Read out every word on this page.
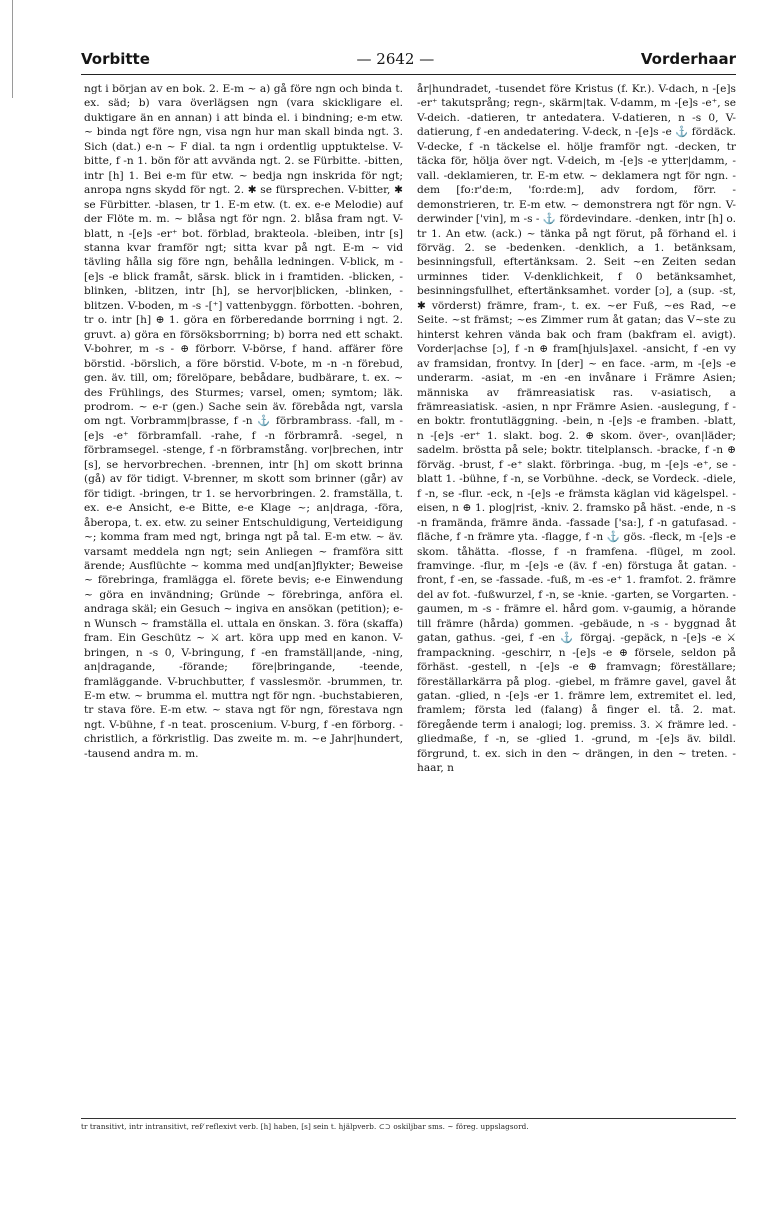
Vorbitte	— 2642 —	Vorderhaar

ngt i början av en bok. 2. E-m ~ a) gå före ngn och binda t. ex. säd; b) vara överlägsen ngn (vara skickligare el. duktigare än en annan) i att binda el. i bindning; e-m etw. ~ binda ngt före ngn, visa ngn hur man skall binda ngt. 3. Sich (dat.) e-n ~ F dial. ta ngn i ordentlig upptuktelse. V-bitte, f -n 1. bön för att avvända ngt. 2. se Fürbitte. -bitten, intr [h] 1. Bei e-m für etw. ~ bedja ngn inskrida för ngt; anropa ngns skydd för ngt. 2. ✱ se fürsprechen. V-bitter, ✱ se Fürbitter. -blasen, tr 1. E-m etw. (t. ex. e-e Melodie) auf der Flöte m. m. ~ blåsa ngt för ngn. 2. blåsa fram ngt. V-blatt, n -[e]s -er⁺ bot. förblad, brakteola. -bleiben, intr [s] stanna kvar framför ngt; sitta kvar på ngt. E-m ~ vid tävling hålla sig före ngn, behålla ledningen. V-blick, m -[e]s -e blick framåt, särsk. blick in i framtiden. -blicken, -blinken, -blitzen, intr [h], se hervor|blicken, -blinken, -blitzen. V-boden, m -s -[⁺] vattenbyggn. förbotten. -bohren, tr o. intr [h] ⊕ 1. göra en förberedande borrning i ngt. 2. gruvt. a) göra en försöksborrning; b) borra ned ett schakt. V-bohrer, m -s - ⊕ förborr. V-börse, f hand. affärer före börstid. -börslich, a före börstid. V-bote, m -n -n förebud, gen. äv. till, om; förelöpare, bebådare, budbärare, t. ex. ~ des Frühlings, des Sturmes; varsel, omen; symtom; läk. prodrom. ~ e-r (gen.) Sache sein äv. förebåda ngt, varsla om ngt. Vorbramm|brasse, f -n ⚓ förbrambrass. -fall, m -[e]s -e⁺ förbramfall. -rahe, f -n förbramrå. -segel, n förbramsegel. -stenge, f -n förbramstång. vor|brechen, intr [s], se hervorbrechen. -brennen, intr [h] om skott brinna (gå) av för tidigt. V-brenner, m skott som brinner (går) av för tidigt. -bringen, tr 1. se hervorbringen. 2. framställa, t. ex. e-e Ansicht, e-e Bitte, e-e Klage ~; an|draga, -föra, åberopa, t. ex. etw. zu seiner Entschuldigung, Verteidigung ~; komma fram med ngt, bringa ngt på tal. E-m etw. ~ äv. varsamt meddela ngn ngt; sein Anliegen ~ framföra sitt ärende; Ausflüchte ~ komma med und[an]flykter; Beweise ~ förebringa, framlägga el. förete bevis; e-e Einwendung ~ göra en invändning; Gründe ~ förebringa, anföra el. andraga skäl; ein Gesuch ~ ingiva en ansökan (petition); e-n Wunsch ~ framställa el. uttala en önskan. 3. föra (skaffa) fram. Ein Geschütz ~ ⚔ art. köra upp med en kanon. V-bringen, n -s 0, V-bringung, f -en framställ|ande, -ning, an|dragande, -förande; före|bringande, -teende, framläggande. V-bruchbutter, f vasslesmör. -brummen, tr. E-m etw. ~ brumma el. muttra ngt för ngn. -buchstabieren, tr stava före. E-m etw. ~ stava ngt för ngn, förestava ngn ngt. V-bühne, f -n teat. proscenium. V-burg, f -en förborg. -christlich, a förkristlig. Das zweite m. m. ~e Jahr|hundert, -tausend andra m. m.

år|hundradet, -tusendet före Kristus (f. Kr.). V-dach, n -[e]s -er⁺ takutsprång; regn-, skärm|tak. V-damm, m -[e]s -e⁺, se V-deich. -datieren, tr antedatera. V-datieren, n -s 0, V-datierung, f -en andedatering. V-deck, n -[e]s -e ⚓ fördäck. V-decke, f -n täckelse el. hölje framför ngt. -decken, tr täcka för, hölja över ngt. V-deich, m -[e]s -e ytter|damm, -vall. -deklamieren, tr. E-m etw. ~ deklamera ngt för ngn. -dem [fo:r'de:m, 'fo:rde:m], adv fordom, förr. -demonstrieren, tr. E-m etw. ~ demonstrera ngt för ngn. V-derwinder ['vin], m -s - ⚓ fördevindare. -denken, intr [h] o. tr 1. An etw. (ack.) ~ tänka på ngt förut, på förhand el. i förväg. 2. se -bedenken. -denklich, a 1. betänksam, besinningsfull, eftertänksam. 2. Seit ~en Zeiten sedan urminnes tider. V-denklichkeit, f 0 betänksamhet, besinningsfullhet, eftertänksamhet. vorder [ɔ], a (sup. -st, ✱ vörderst) främre, fram-, t. ex. ~er Fuß, ~es Rad, ~e Seite. ~st främst; ~es Zimmer rum åt gatan; das V~ste zu hinterst kehren vända bak och fram (bakfram el. avigt). Vorder|achse [ɔ], f -n ⊕ fram[hjuls]axel. -ansicht, f -en vy av framsidan, frontvy. In [der] ~ en face. -arm, m -[e]s -e underarm. -asiat, m -en -en invånare i Främre Asien; människa av främreasiatisk ras. v-asiatisch, a främreasiatisk. -asien, n npr Främre Asien. -auslegung, f -en boktr. frontutläggning. -bein, n -[e]s -e framben. -blatt, n -[e]s -er⁺ 1. slakt. bog. 2. ⊕ skom. över-, ovan|läder; sadelm. bröstta på sele; boktr. titelplansch. -bracke, f -n ⊕ förväg. -brust, f -e⁺ slakt. förbringa. -bug, m -[e]s -e⁺, se -blatt 1. -bühne, f -n, se Vorbühne. -deck, se Vordeck. -diele, f -n, se -flur. -eck, n -[e]s -e främsta käglan vid kägelspel. -eisen, n ⊕ 1. plog|rist, -kniv. 2. framsko på häst. -ende, n -s -n framända, främre ända. -fassade ['sa:], f -n gatufasad. -fläche, f -n främre yta. -flagge, f -n ⚓ gös. -fleck, m -[e]s -e skom. tåhätta. -flosse, f -n framfena. -flügel, m zool. framvinge. -flur, m -[e]s -e (äv. f -en) förstuga åt gatan. -front, f -en, se -fassade. -fuß, m -es -e⁺ 1. framfot. 2. främre del av fot. -fußwurzel, f -n, se -knie. -garten, se Vorgarten. -gaumen, m -s - främre el. hård gom. v-gaumig, a hörande till främre (hårda) gommen. -gebäude, n -s - byggnad åt gatan, gathus. -gei, f -en ⚓ förgaj. -gepäck, n -[e]s -e ⚔ frampackning. -geschirr, n -[e]s -e ⊕ försele, seldon på förhäst. -gestell, n -[e]s -e ⊕ framvagn; föreställare; föreställarkärra på plog. -giebel, m främre gavel, gavel åt gatan. -glied, n -[e]s -er 1. främre lem, extremitet el. led, framlem; första led (falang) å finger el. tå. 2. mat. föregående term i analogi; log. premiss. 3. ⚔ främre led. -gliedmaße, f -n, se -glied 1. -grund, m -[e]s äv. bildl. förgrund, t. ex. sich in den ~ drängen, in den ~ treten. -haar, n

tr transitivt, intr intransitivt, ref⁄ reflexivt verb. [h] haben, [s] sein t. hjälpverb. ⊂⊃ oskiljbar sms. ~ föreg. uppslagsord.
